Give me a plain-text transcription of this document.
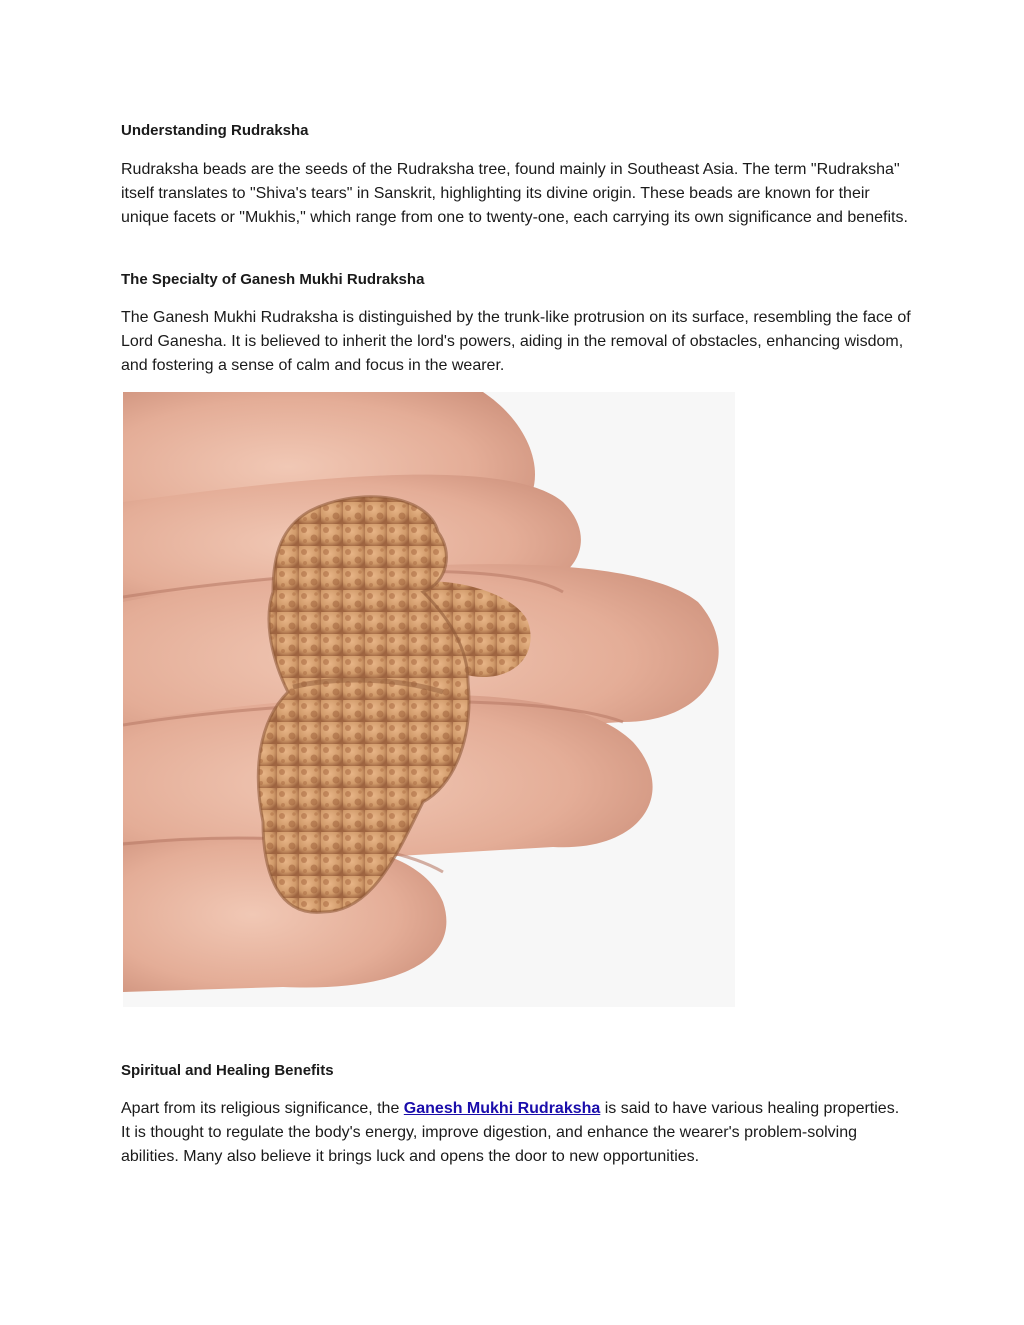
Understanding Rudraksha

Rudraksha beads are the seeds of the Rudraksha tree, found mainly in Southeast Asia. The term "Rudraksha" itself translates to "Shiva's tears" in Sanskrit, highlighting its divine origin. These beads are known for their unique facets or "Mukhis," which range from one to twenty-one, each carrying its own significance and benefits.

The Specialty of Ganesh Mukhi Rudraksha

The Ganesh Mukhi Rudraksha is distinguished by the trunk-like protrusion on its surface, resembling the face of Lord Ganesha. It is believed to inherit the lord's powers, aiding in the removal of obstacles, enhancing wisdom, and fostering a sense of calm and focus in the wearer.

Spiritual and Healing Benefits

Apart from its religious significance, the Ganesh Mukhi Rudraksha is said to have various healing properties. It is thought to regulate the body's energy, improve digestion, and enhance the wearer's problem-solving abilities. Many also believe it brings luck and opens the door to new opportunities.
